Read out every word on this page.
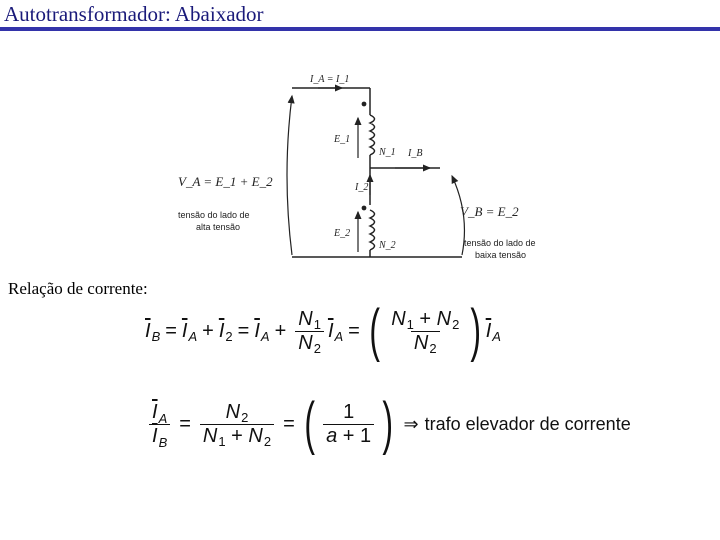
Autotransformador: Abaixador
I_A = I_1
E_1
N_1 I_B
I_2
E_2
N_2
V_A = E_1 + E_2
V_B = E_2
tensão do lado de
alta tensão
tensão do lado de
baixa tensão

Relação de corrente:

$\overline{I}$ $B = \overline{I}$ $A + \overline{I}$ $2 = \overline{I}$ $A + \frac{N_1}{N_2} \overline{I}$ A = ( $\frac{N_1 + N_2}{N_2}$ ) $\overline{I}$ A
$\frac{\overline{I}_A}{\overline{I}_B} = \frac{N_2}{N_1 + N_2}$ = ( $\frac{1}{a + 1}$ ) ⇒ trafo elevador de corrente
